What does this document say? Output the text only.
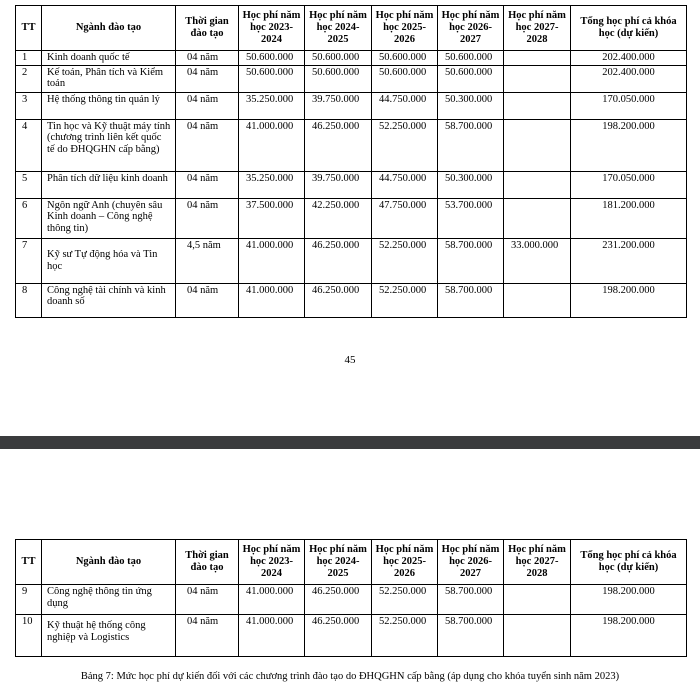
TT	Ngành đào tạo	Thời gian đào tạo	Học phí năm học 2023-2024	Học phí năm học 2024-2025	Học phí năm học 2025-2026	Học phí năm học 2026-2027	Học phí năm học 2027-2028	Tổng học phí cả khóa học (dự kiến)
1	Kinh doanh quốc tế	04 năm	50.600.000	50.600.000	50.600.000	50.600.000		202.400.000
2	Kế toán, Phân tích và Kiểm toán	04 năm	50.600.000	50.600.000	50.600.000	50.600.000		202.400.000
3	Hệ thống thông tin quản lý	04 năm	35.250.000	39.750.000	44.750.000	50.300.000		170.050.000
4	Tin học và Kỹ thuật máy tính (chương trình liên kết quốc tế do ĐHQGHN cấp bằng)	04 năm	41.000.000	46.250.000	52.250.000	58.700.000		198.200.000
5	Phân tích dữ liệu kinh doanh	04 năm	35.250.000	39.750.000	44.750.000	50.300.000		170.050.000
6	Ngôn ngữ Anh (chuyên sâu Kinh doanh – Công nghệ thông tin)	04 năm	37.500.000	42.250.000	47.750.000	53.700.000		181.200.000
7	Kỹ sư Tự động hóa và Tin học	4,5 năm	41.000.000	46.250.000	52.250.000	58.700.000	33.000.000	231.200.000
8	Công nghệ tài chính và kinh doanh số	04 năm	41.000.000	46.250.000	52.250.000	58.700.000		198.200.000
45
TT	Ngành đào tạo	Thời gian đào tạo	Học phí năm học 2023-2024	Học phí năm học 2024-2025	Học phí năm học 2025-2026	Học phí năm học 2026-2027	Học phí năm học 2027-2028	Tổng học phí cả khóa học (dự kiến)
9	Công nghệ thông tin ứng dụng	04 năm	41.000.000	46.250.000	52.250.000	58.700.000		198.200.000
10	Kỹ thuật hệ thống công nghiệp và Logistics	04 năm	41.000.000	46.250.000	52.250.000	58.700.000		198.200.000
Bảng 7: Mức học phí dự kiến đối với các chương trình đào tạo do ĐHQGHN cấp bằng (áp dụng cho khóa tuyển sinh năm 2023)
